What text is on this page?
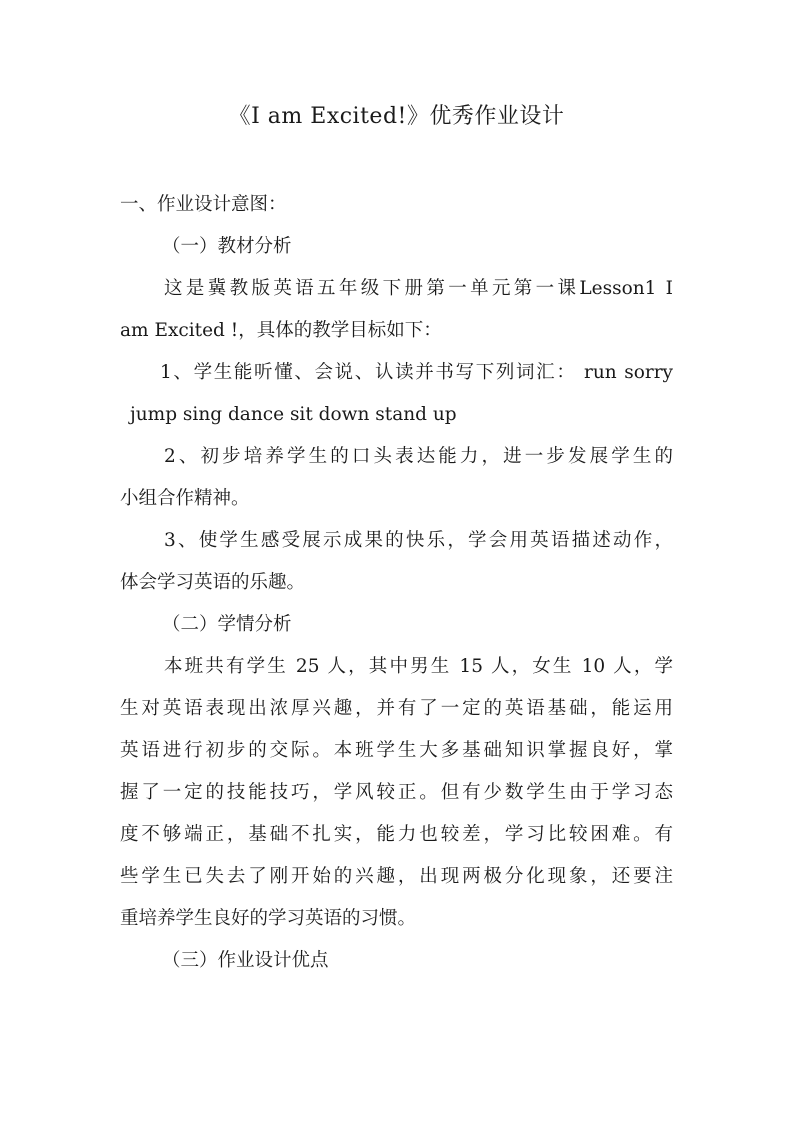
《I am Excited!》优秀作业设计
一、作业设计意图：
（一）教材分析
这是冀教版英语五年级下册第一单元第一课Lesson1 I
am Excited !，具体的教学目标如下：
1、学生能听懂、会说、认读并书写下列词汇： run sorry
jump sing dance sit down stand up
2、初步培养学生的口头表达能力，进一步发展学生的
小组合作精神。
3、使学生感受展示成果的快乐，学会用英语描述动作，
体会学习英语的乐趣。
（二）学情分析
本班共有学生 25 人，其中男生 15 人，女生 10 人，学
生对英语表现出浓厚兴趣，并有了一定的英语基础，能运用
英语进行初步的交际。本班学生大多基础知识掌握良好，掌
握了一定的技能技巧，学风较正。但有少数学生由于学习态
度不够端正，基础不扎实，能力也较差，学习比较困难。有
些学生已失去了刚开始的兴趣，出现两极分化现象，还要注
重培养学生良好的学习英语的习惯。
（三）作业设计优点
